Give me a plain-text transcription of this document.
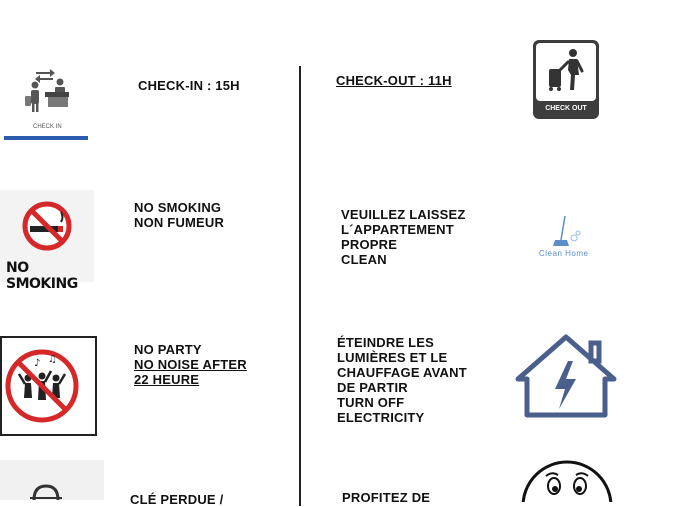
CHECK IN
CHECK-IN : 15H	CHECK-OUT : 11H
CHECK OUT
NO SMOKING
NO SMOKING
NON FUMEUR
VEUILLEZ LAISSEZ
L´APPARTEMENT
PROPRE
CLEAN	Clean Home
♪ ♫
NO PARTY
NO NOISE AFTER
22 HEURE
ÉTEINDRE LES
LUMIÈRES ET LE
CHAUFFAGE AVANT
DE PARTIR
TURN OFF
ELECTRICITY
CLÉ PERDUE /	PROFITEZ DE
